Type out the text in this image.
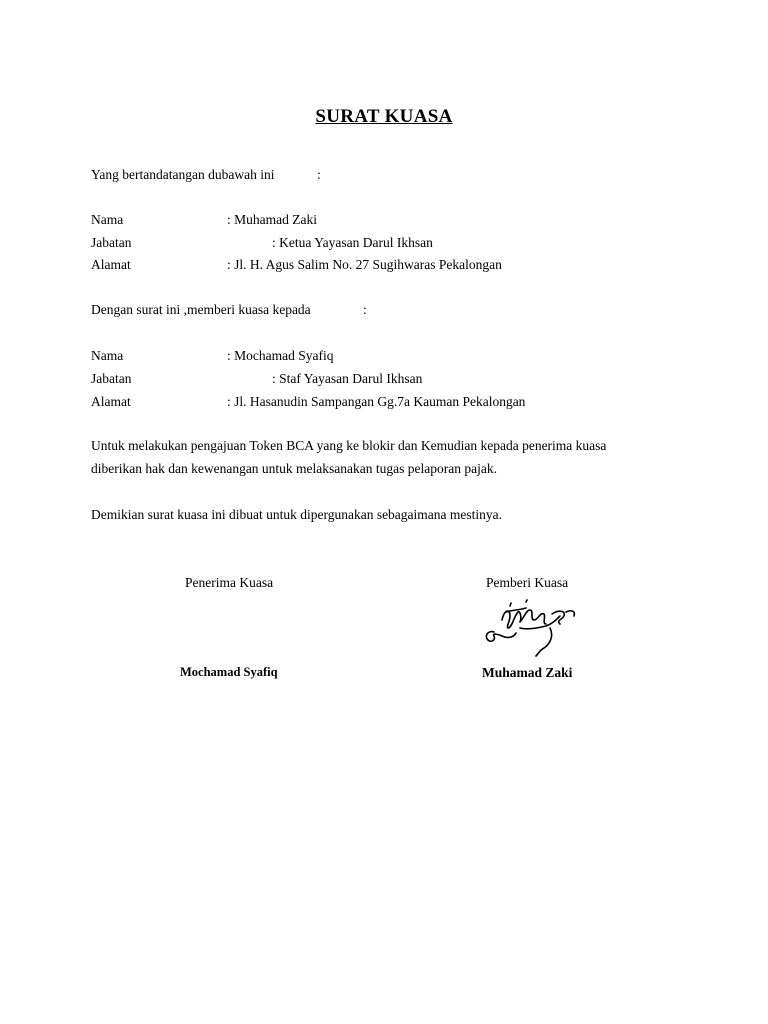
SURAT KUASA
Yang bertandatangan dubawah ini	:
Nama	: Muhamad Zaki
Jabatan	: Ketua Yayasan Darul Ikhsan
Alamat	: Jl. H. Agus Salim No. 27 Sugihwaras Pekalongan
Dengan surat ini ,memberi kuasa kepada	:
Nama	: Mochamad Syafiq
Jabatan	: Staf Yayasan Darul Ikhsan
Alamat	: Jl. Hasanudin Sampangan Gg.7a Kauman Pekalongan
Untuk melakukan pengajuan Token BCA yang ke blokir dan Kemudian kepada penerima kuasa
diberikan hak dan kewenangan untuk melaksanakan tugas pelaporan pajak.
Demikian surat kuasa ini dibuat untuk dipergunakan sebagaimana mestinya.
Penerima Kuasa	Pemberi Kuasa
Mochamad Syafiq	Muhamad Zaki
